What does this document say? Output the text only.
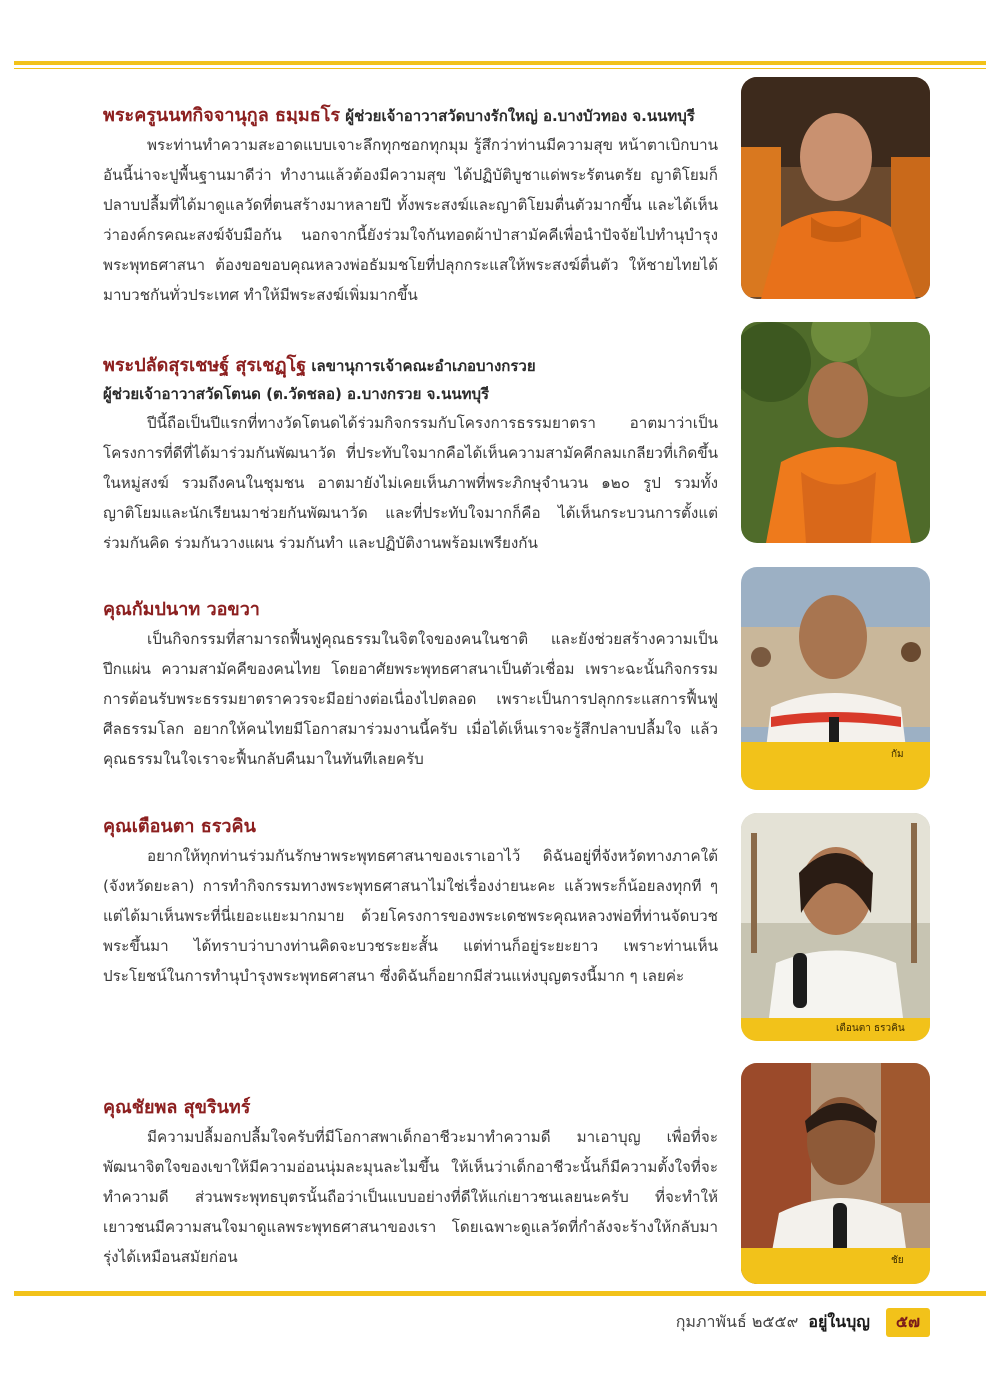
พระครูนนทกิจจานุกูล ธมฺมธโร ผู้ช่วยเจ้าอาวาสวัดบางรักใหญ่ อ.บางบัวทอง จ.นนทบุรี

พระท่านทำความสะอาดแบบเจาะลึกทุกซอกทุกมุม รู้สึกว่าท่านมีความสุข หน้าตาเบิกบาน อันนี้น่าจะปูพื้นฐานมาดีว่า ทำงานแล้วต้องมีความสุข ได้ปฏิบัติบูชาแด่พระรัตนตรัย ญาติโยมก็ปลาบปลื้มที่ได้มาดูแลวัดที่ตนสร้างมาหลายปี ทั้งพระสงฆ์และญาติโยมตื่นตัวมากขึ้น และได้เห็นว่าองค์กรคณะสงฆ์จับมือกัน นอกจากนี้ยังร่วมใจกันทอดผ้าป่าสามัคคีเพื่อนำปัจจัยไปทำนุบำรุงพระพุทธศาสนา ต้องขอขอบคุณหลวงพ่อธัมมชโยที่ปลุกกระแสให้พระสงฆ์ตื่นตัว ให้ชายไทยได้มาบวชกันทั่วประเทศ ทำให้มีพระสงฆ์เพิ่มมากขึ้น

พระปลัดสุรเชษฐ์ สุรเชฏฺโฐ เลขานุการเจ้าคณะอำเภอบางกรวย
ผู้ช่วยเจ้าอาวาสวัดโตนด (ต.วัดชลอ) อ.บางกรวย จ.นนทบุรี

ปีนี้ถือเป็นปีแรกที่ทางวัดโตนดได้ร่วมกิจกรรมกับโครงการธรรมยาตรา อาตมาว่าเป็นโครงการที่ดีที่ได้มาร่วมกันพัฒนาวัด ที่ประทับใจมากคือได้เห็นความสามัคคีกลมเกลียวที่เกิดขึ้นในหมู่สงฆ์ รวมถึงคนในชุมชน อาตมายังไม่เคยเห็นภาพที่พระภิกษุจำนวน ๑๒๐ รูป รวมทั้งญาติโยมและนักเรียนมาช่วยกันพัฒนาวัด และที่ประทับใจมากก็คือ ได้เห็นกระบวนการตั้งแต่ร่วมกันคิด ร่วมกันวางแผน ร่วมกันทำ และปฏิบัติงานพร้อมเพรียงกัน

คุณกัมปนาท วอขวา

เป็นกิจกรรมที่สามารถฟื้นฟูคุณธรรมในจิตใจของคนในชาติ และยังช่วยสร้างความเป็นปึกแผ่น ความสามัคคีของคนไทย โดยอาศัยพระพุทธศาสนาเป็นตัวเชื่อม เพราะฉะนั้นกิจกรรมการต้อนรับพระธรรมยาตราควรจะมีอย่างต่อเนื่องไปตลอด เพราะเป็นการปลุกกระแสการฟื้นฟูศีลธรรมโลก อยากให้คนไทยมีโอกาสมาร่วมงานนี้ครับ เมื่อได้เห็นเราจะรู้สึกปลาบปลื้มใจ แล้วคุณธรรมในใจเราจะฟื้นกลับคืนมาในทันทีเลยครับ

คุณเตือนตา ธรวคิน

อยากให้ทุกท่านร่วมกันรักษาพระพุทธศาสนาของเราเอาไว้ ดิฉันอยู่ที่จังหวัดทางภาคใต้ (จังหวัดยะลา) การทำกิจกรรมทางพระพุทธศาสนาไม่ใช่เรื่องง่ายนะคะ แล้วพระก็น้อยลงทุกที ๆ แต่ได้มาเห็นพระที่นี่เยอะแยะมากมาย ด้วยโครงการของพระเดชพระคุณหลวงพ่อที่ท่านจัดบวชพระขึ้นมา ได้ทราบว่าบางท่านคิดจะบวชระยะสั้น แต่ท่านก็อยู่ระยะยาว เพราะท่านเห็นประโยชน์ในการทำนุบำรุงพระพุทธศาสนา ซึ่งดิฉันก็อยากมีส่วนแห่งบุญตรงนี้มาก ๆ เลยค่ะ

คุณชัยพล สุขรินทร์

มีความปลื้มอกปลื้มใจครับที่มีโอกาสพาเด็กอาชีวะมาทำความดี มาเอาบุญ เพื่อที่จะพัฒนาจิตใจของเขาให้มีความอ่อนนุ่มละมุนละไมขึ้น ให้เห็นว่าเด็กอาชีวะนั้นก็มีความตั้งใจที่จะทำความดี ส่วนพระพุทธบุตรนั้นถือว่าเป็นแบบอย่างที่ดีให้แก่เยาวชนเลยนะครับ ที่จะทำให้เยาวชนมีความสนใจมาดูแลพระพุทธศาสนาของเรา โดยเฉพาะดูแลวัดที่กำลังจะร้างให้กลับมารุ่งได้เหมือนสมัยก่อน

กัม
เตือนตา ธรวคิน
ชัย
กุมภาพันธ์ ๒๕๕๙ อยู่ในบุญ	๕๗
